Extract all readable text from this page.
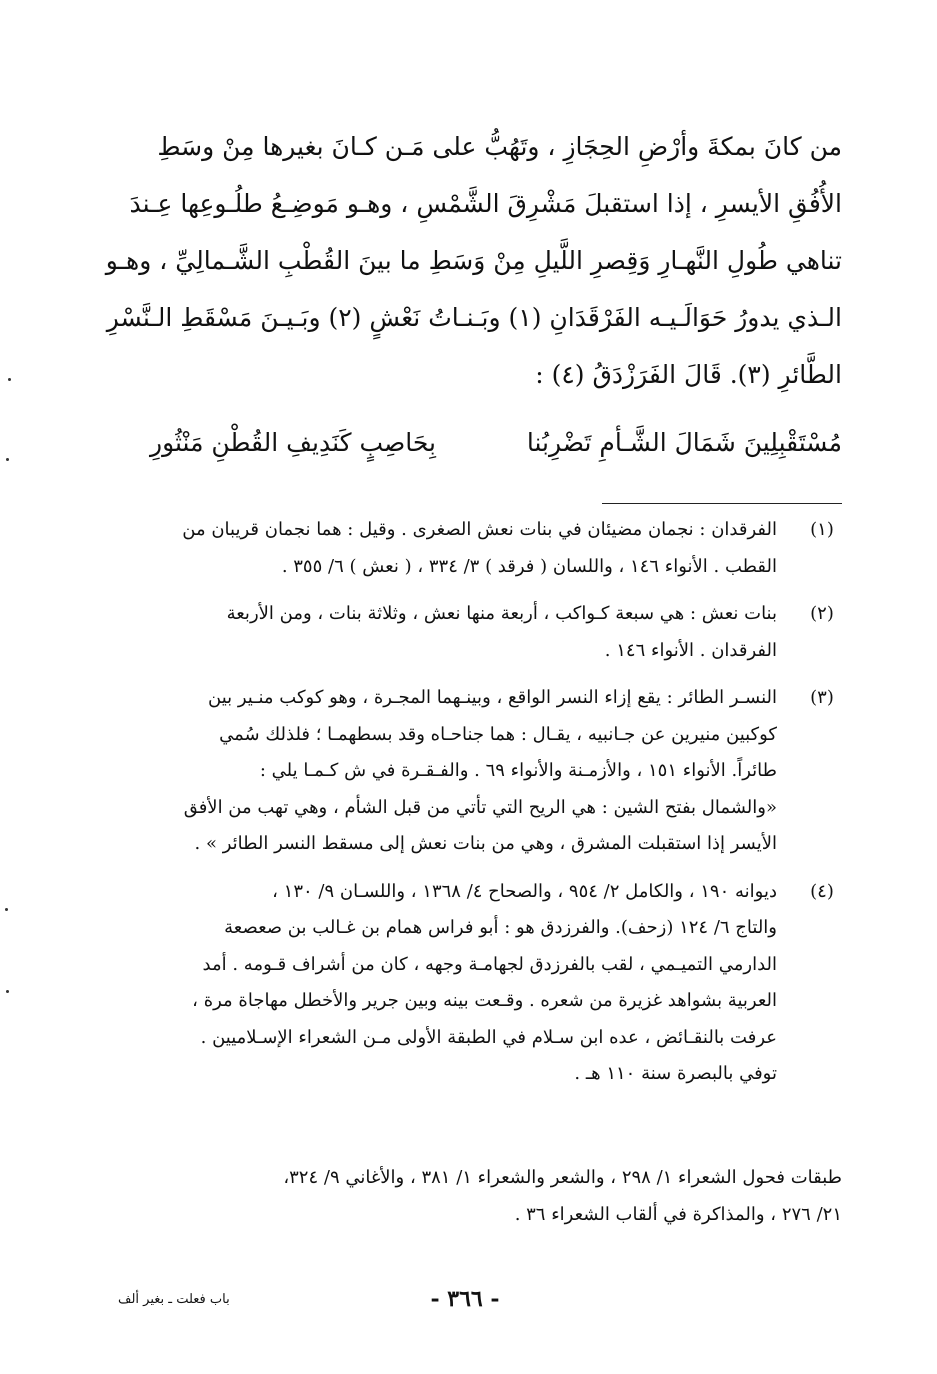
من كانَ بمكةَ وأرْضِ الحِجَازِ ، وتَهُبُّ على مَـن كـانَ بغيرها مِنْ وسَطِ
الأُفُقِ الأيسرِ ، إذا استقبلَ مَشْرِقَ الشَّمْسِ ، وهـو مَوضِـعُ طلُـوعِها عِـندَ
تناهي طُولِ النَّهـارِ وَقِصرِ اللَّيلِ مِنْ وَسَطِ ما بينَ القُطْبِ الشَّـمالِيِّ ، وهـو
الـذي يدورُ حَوَالَـيـه الفَرْقَدَانِ (١) وبَـنـاتُ نَعْشٍ (٢) وبَـيـنَ مَسْقَطِ الـنَّسْرِ
الطَّائرِ (٣). قَالَ الفَرَزْدَقُ (٤) :
مُسْتَقْبِلِينَ شَمَالَ الشَّـأمِ تَضْرِبُنا
بِحَاصِبٍ كَنَدِيفِ القُطْنِ مَنْثُورِ
(١)
الفرقدان : نجمان مضيئان في بنات نعش الصغرى . وقيل : هما نجمان قريبان من
القطب . الأنواء ١٤٦ ، واللسان ( فرقد ) ٣/ ٣٣٤ ، ( نعش ) ٦/ ٣٥٥ .
(٢)
بنات نعش : هي سبعة كـواكب ، أربعة منها نعش ، وثلاثة بنات ، ومن الأربعة
الفرقدان . الأنواء ١٤٦ .
(٣)
النسـر الطائر : يقع إزاء النسر الواقع ، وبينـهما المجـرة ، وهو كوكب منـير بين
كوكبين منيرين عن جـانبيه ، يقـال : هما جناحـاه وقد بسطهمـا ؛ فلذلك سُمي
طائراً. الأنواء ١٥١ ، والأزمـنة والأنواء ٦٩ . والفـقـرة في ش كـمـا يلي :
«والشمال بفتح الشين : هي الريح التي تأتي من قبل الشأم ، وهي تهب من الأفق
الأيسر إذا استقبلت المشرق ، وهي من بنات نعش إلى مسقط النسر الطائر » .
(٤)
ديوانه ١٩٠ ، والكامل ٢/ ٩٥٤ ، والصحاح ٤/ ١٣٦٨ ، واللسـان ٩/ ١٣٠ ،
والتاج ٦/ ١٢٤ (زحف). والفرزدق هو : أبو فراس همام بن غـالب بن صعصعة
الدارمي التميـمي ، لقب بالفرزدق لجهامـة وجهه ، كان من أشراف قـومه . أمد
العربية بشواهد غزيرة من شعره . وقـعت بينه وبين جرير والأخطل مهاجاة مرة ،
عرفت بالنقـائض ، عده ابن سـلام في الطبقة الأولى مـن الشعراء الإسـلاميين .
توفي بالبصرة سنة ١١٠ هـ .
طبقات فحول الشعراء ١/ ٢٩٨ ، والشعر والشعراء ١/ ٣٨١ ، والأغاني ٩/ ٣٢٤،
٢١/ ٢٧٦ ، والمذاكرة في ألقاب الشعراء ٣٦ .
باب فعلت ـ بغير ألف	- ٣٦٦ -
